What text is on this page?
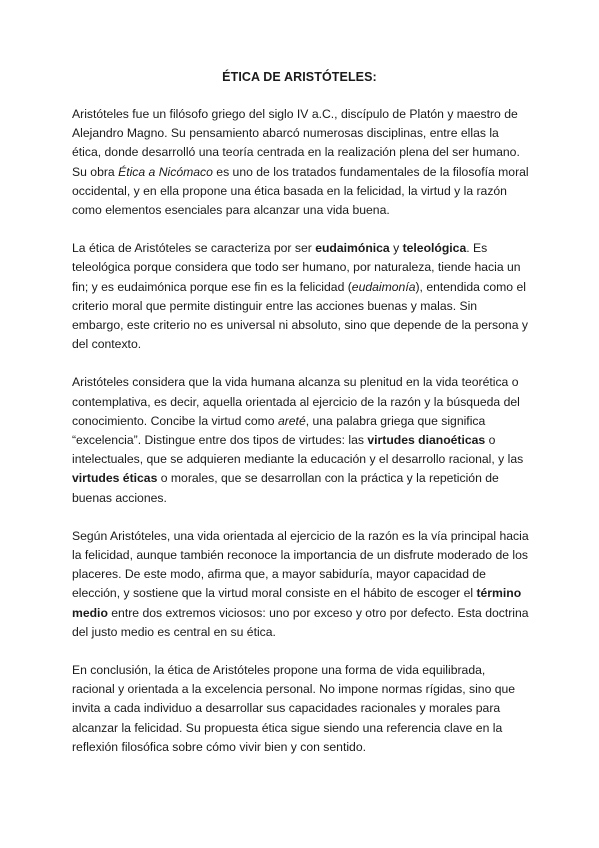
ÉTICA DE ARISTÓTELES:

Aristóteles fue un filósofo griego del siglo IV a.C., discípulo de Platón y maestro de Alejandro Magno. Su pensamiento abarcó numerosas disciplinas, entre ellas la ética, donde desarrolló una teoría centrada en la realización plena del ser humano. Su obra Ética a Nicómaco es uno de los tratados fundamentales de la filosofía moral occidental, y en ella propone una ética basada en la felicidad, la virtud y la razón como elementos esenciales para alcanzar una vida buena.

La ética de Aristóteles se caracteriza por ser eudaimónica y teleológica. Es teleológica porque considera que todo ser humano, por naturaleza, tiende hacia un fin; y es eudaimónica porque ese fin es la felicidad (eudaimonía), entendida como el criterio moral que permite distinguir entre las acciones buenas y malas. Sin embargo, este criterio no es universal ni absoluto, sino que depende de la persona y del contexto.

Aristóteles considera que la vida humana alcanza su plenitud en la vida teorética o contemplativa, es decir, aquella orientada al ejercicio de la razón y la búsqueda del conocimiento. Concibe la virtud como areté, una palabra griega que significa “excelencia”. Distingue entre dos tipos de virtudes: las virtudes dianoéticas o intelectuales, que se adquieren mediante la educación y el desarrollo racional, y las virtudes éticas o morales, que se desarrollan con la práctica y la repetición de buenas acciones.

Según Aristóteles, una vida orientada al ejercicio de la razón es la vía principal hacia la felicidad, aunque también reconoce la importancia de un disfrute moderado de los placeres. De este modo, afirma que, a mayor sabiduría, mayor capacidad de elección, y sostiene que la virtud moral consiste en el hábito de escoger el término medio entre dos extremos viciosos: uno por exceso y otro por defecto. Esta doctrina del justo medio es central en su ética.

En conclusión, la ética de Aristóteles propone una forma de vida equilibrada, racional y orientada a la excelencia personal. No impone normas rígidas, sino que invita a cada individuo a desarrollar sus capacidades racionales y morales para alcanzar la felicidad. Su propuesta ética sigue siendo una referencia clave en la reflexión filosófica sobre cómo vivir bien y con sentido.
